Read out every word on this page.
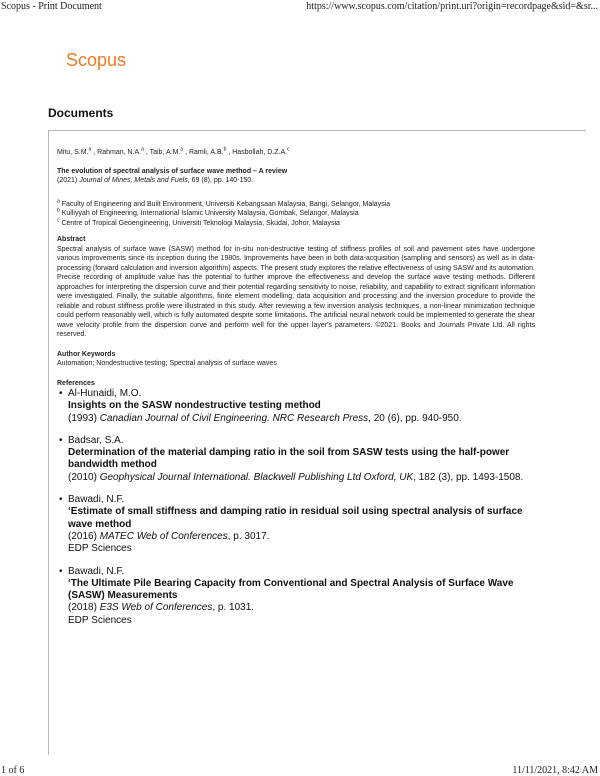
Scopus - Print Document	https://www.scopus.com/citation/print.uri?origin=recordpage&sid=&sr...
Scopus
Documents
Mitu, S.M.$^a$ , Rahman, N.A.$^a$ , Taib, A.M.$^a$ , Ramli, A.B.$^b$ , Hasbollah, D.Z.A.$^c$
The evolution of spectral analysis of surface wave method – A review
(2021) Journal of Mines, Metals and Fuels, 69 (8), pp. 140-150.
$^a$ Faculty of Engineering and Built Environment, Universiti Kebangsaan Malaysia, Bangi, Selangor, Malaysia
$^b$ Kulliyyah of Engineering, International Islamic University Malaysia, Gombak, Selangor, Malaysia
$^c$ Centre of Tropical Geoengineering, Universiti Teknologi Malaysia, Skudai, Johor, Malaysia
Abstract
Spectral analysis of surface wave (SASW) method for in-situ non-destructive testing of stiffness profiles of soil and pavement sites have undergone various improvements since its inception during the 1980s. Improvements have been in both data-acquisition (sampling and sensors) as well as in data-processing (forward calculation and inversion algorithm) aspects. The present study explores the relative effectiveness of using SASW and its automation. Precise recording of amplitude value has the potential to further improve the effectiveness and develop the surface wave testing methods. Different approaches for interpreting the dispersion curve and their potential regarding sensitivity to noise, reliability, and capability to extract significant information were investigated. Finally, the suitable algorithms, finite element modelling, data acquisition and processing and the inversion procedure to provide the reliable and robust stiffness profile were illustrated in this study. After reviewing a few inversion analysis techniques, a non-linear minimization technique could perform reasonably well, which is fully automated despite some limitations. The artificial neural network could be implemented to generate the shear wave velocity profile from the dispersion curve and perform well for the upper layer's parameters. ©2021. Books and Journals Private Ltd. All rights reserved.
Author Keywords
Automation; Nondestructive testing; Spectral analysis of surface waves
References
• Al-Hunaidi, M.O.
Insights on the SASW nondestructive testing method
(1993) Canadian Journal of Civil Engineering. NRC Research Press, 20 (6), pp. 940-950.
• Badsar, S.A.
Determination of the material damping ratio in the soil from SASW tests using the half-power bandwidth method
(2010) Geophysical Journal International. Blackwell Publishing Ltd Oxford, UK, 182 (3), pp. 1493-1508.
• Bawadi, N.F.
‘Estimate of small stiffness and damping ratio in residual soil using spectral analysis of surface wave method
(2016) MATEC Web of Conferences, p. 3017.
EDP Sciences
• Bawadi, N.F.
‘The Ultimate Pile Bearing Capacity from Conventional and Spectral Analysis of Surface Wave (SASW) Measurements
(2018) E3S Web of Conferences, p. 1031.
EDP Sciences
1 of 6	11/11/2021, 8:42 AM
